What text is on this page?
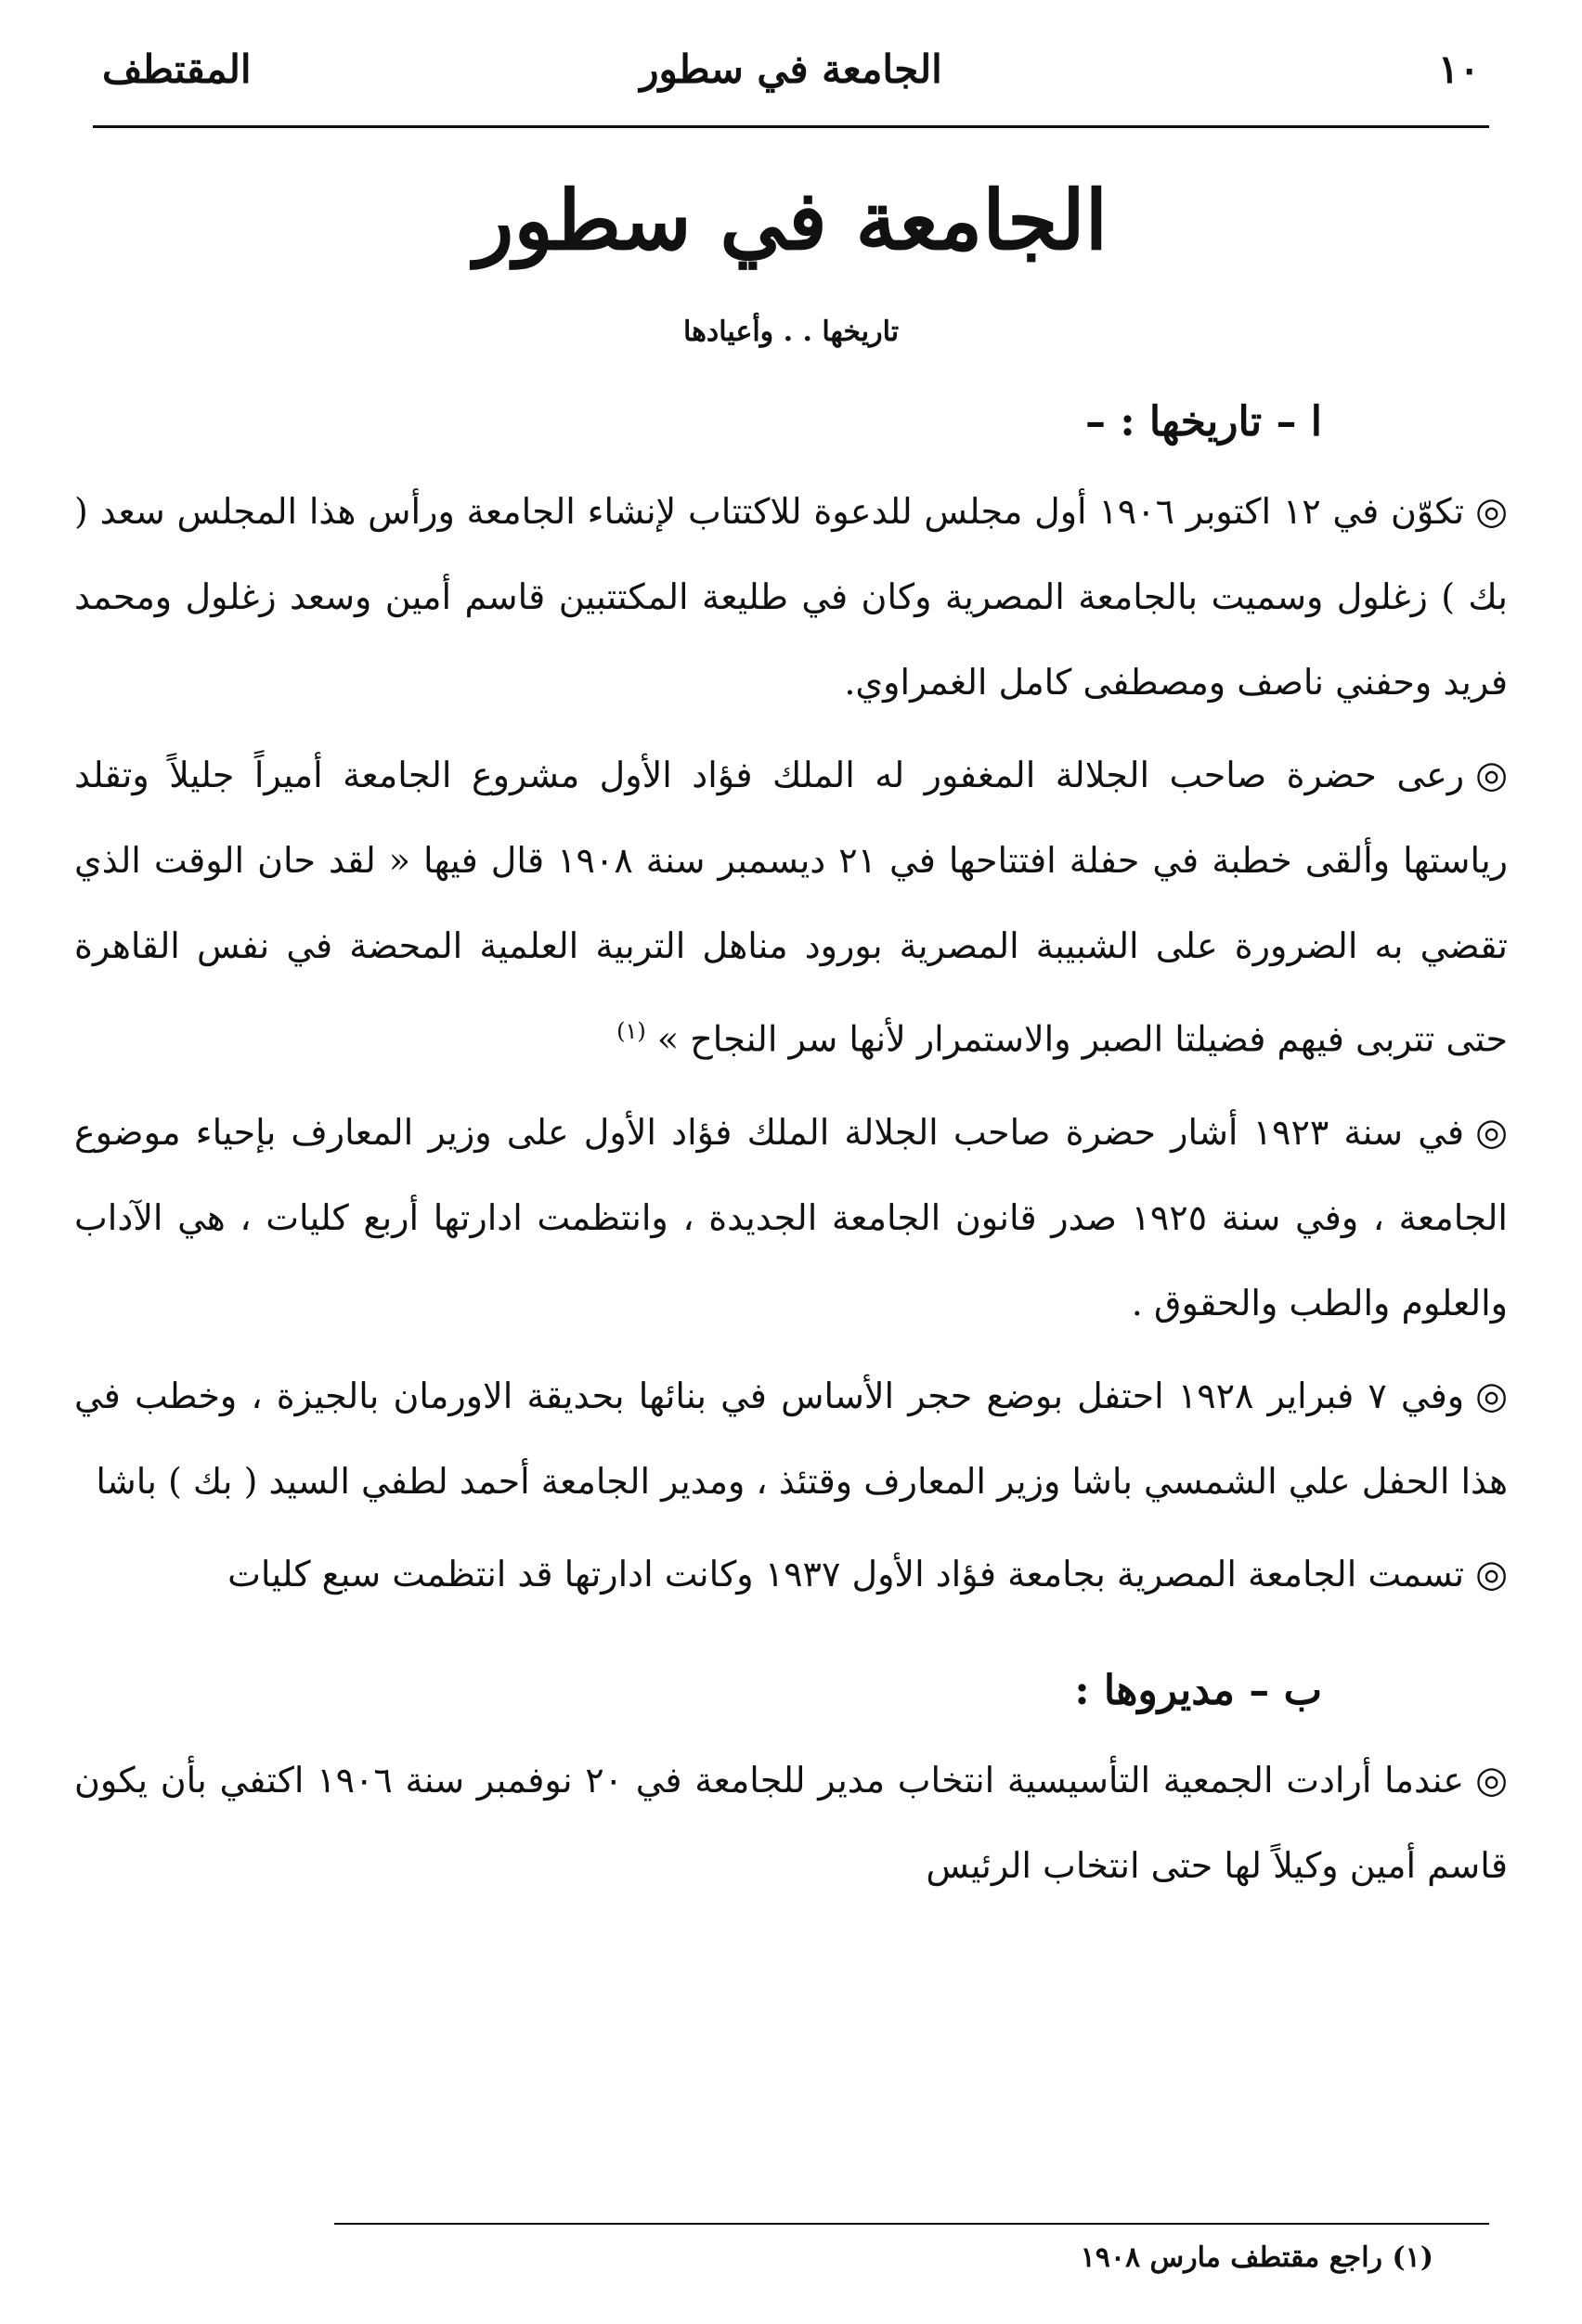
١٠
الجامعة في سطور
المقتطف
الجامعة في سطور
تاريخها . . وأعيادها
ا – تاريخها : –

◎تكوّن في ١٢ اكتوبر ١٩٠٦ أول مجلس للدعوة للاكتتاب لإنشاء الجامعة ورأس هذا المجلس سعد ( بك ) زغلول وسميت بالجامعة المصرية وكان في طليعة المكتتبين قاسم أمين وسعد زغلول ومحمد فريد وحفني ناصف ومصطفى كامل الغمراوي.

◎رعى حضرة صاحب الجلالة المغفور له الملك فؤاد الأول مشروع الجامعة أميراً جليلاً وتقلد رياستها وألقى خطبة في حفلة افتتاحها في ٢١ ديسمبر سنة ١٩٠٨ قال فيها « لقد حان الوقت الذي تقضي به الضرورة على الشبيبة المصرية بورود مناهل التربية العلمية المحضة في نفس القاهرة حتى تتربى فيهم فضيلتا الصبر والاستمرار لأنها سر النجاح » $^{(١)}$

◎في سنة ١٩٢٣ أشار حضرة صاحب الجلالة الملك فؤاد الأول على وزير المعارف بإحياء موضوع الجامعة ، وفي سنة ١٩٢٥ صدر قانون الجامعة الجديدة ، وانتظمت ادارتها أربع كليات ، هي الآداب والعلوم والطب والحقوق .

◎وفي ٧ فبراير ١٩٢٨ احتفل بوضع حجر الأساس في بنائها بحديقة الاورمان بالجيزة ، وخطب في هذا الحفل علي الشمسي باشا وزير المعارف وقتئذ ، ومدير الجامعة أحمد لطفي السيد ( بك ) باشا

◎تسمت الجامعة المصرية بجامعة فؤاد الأول ١٩٣٧ وكانت ادارتها قد انتظمت سبع كليات

ب – مديروها :

◎عندما أرادت الجمعية التأسيسية انتخاب مدير للجامعة في ٢٠ نوفمبر سنة ١٩٠٦ اكتفي بأن يكون قاسم أمين وكيلاً لها حتى انتخاب الرئيس

(١) راجع مقتطف مارس ١٩٠٨
